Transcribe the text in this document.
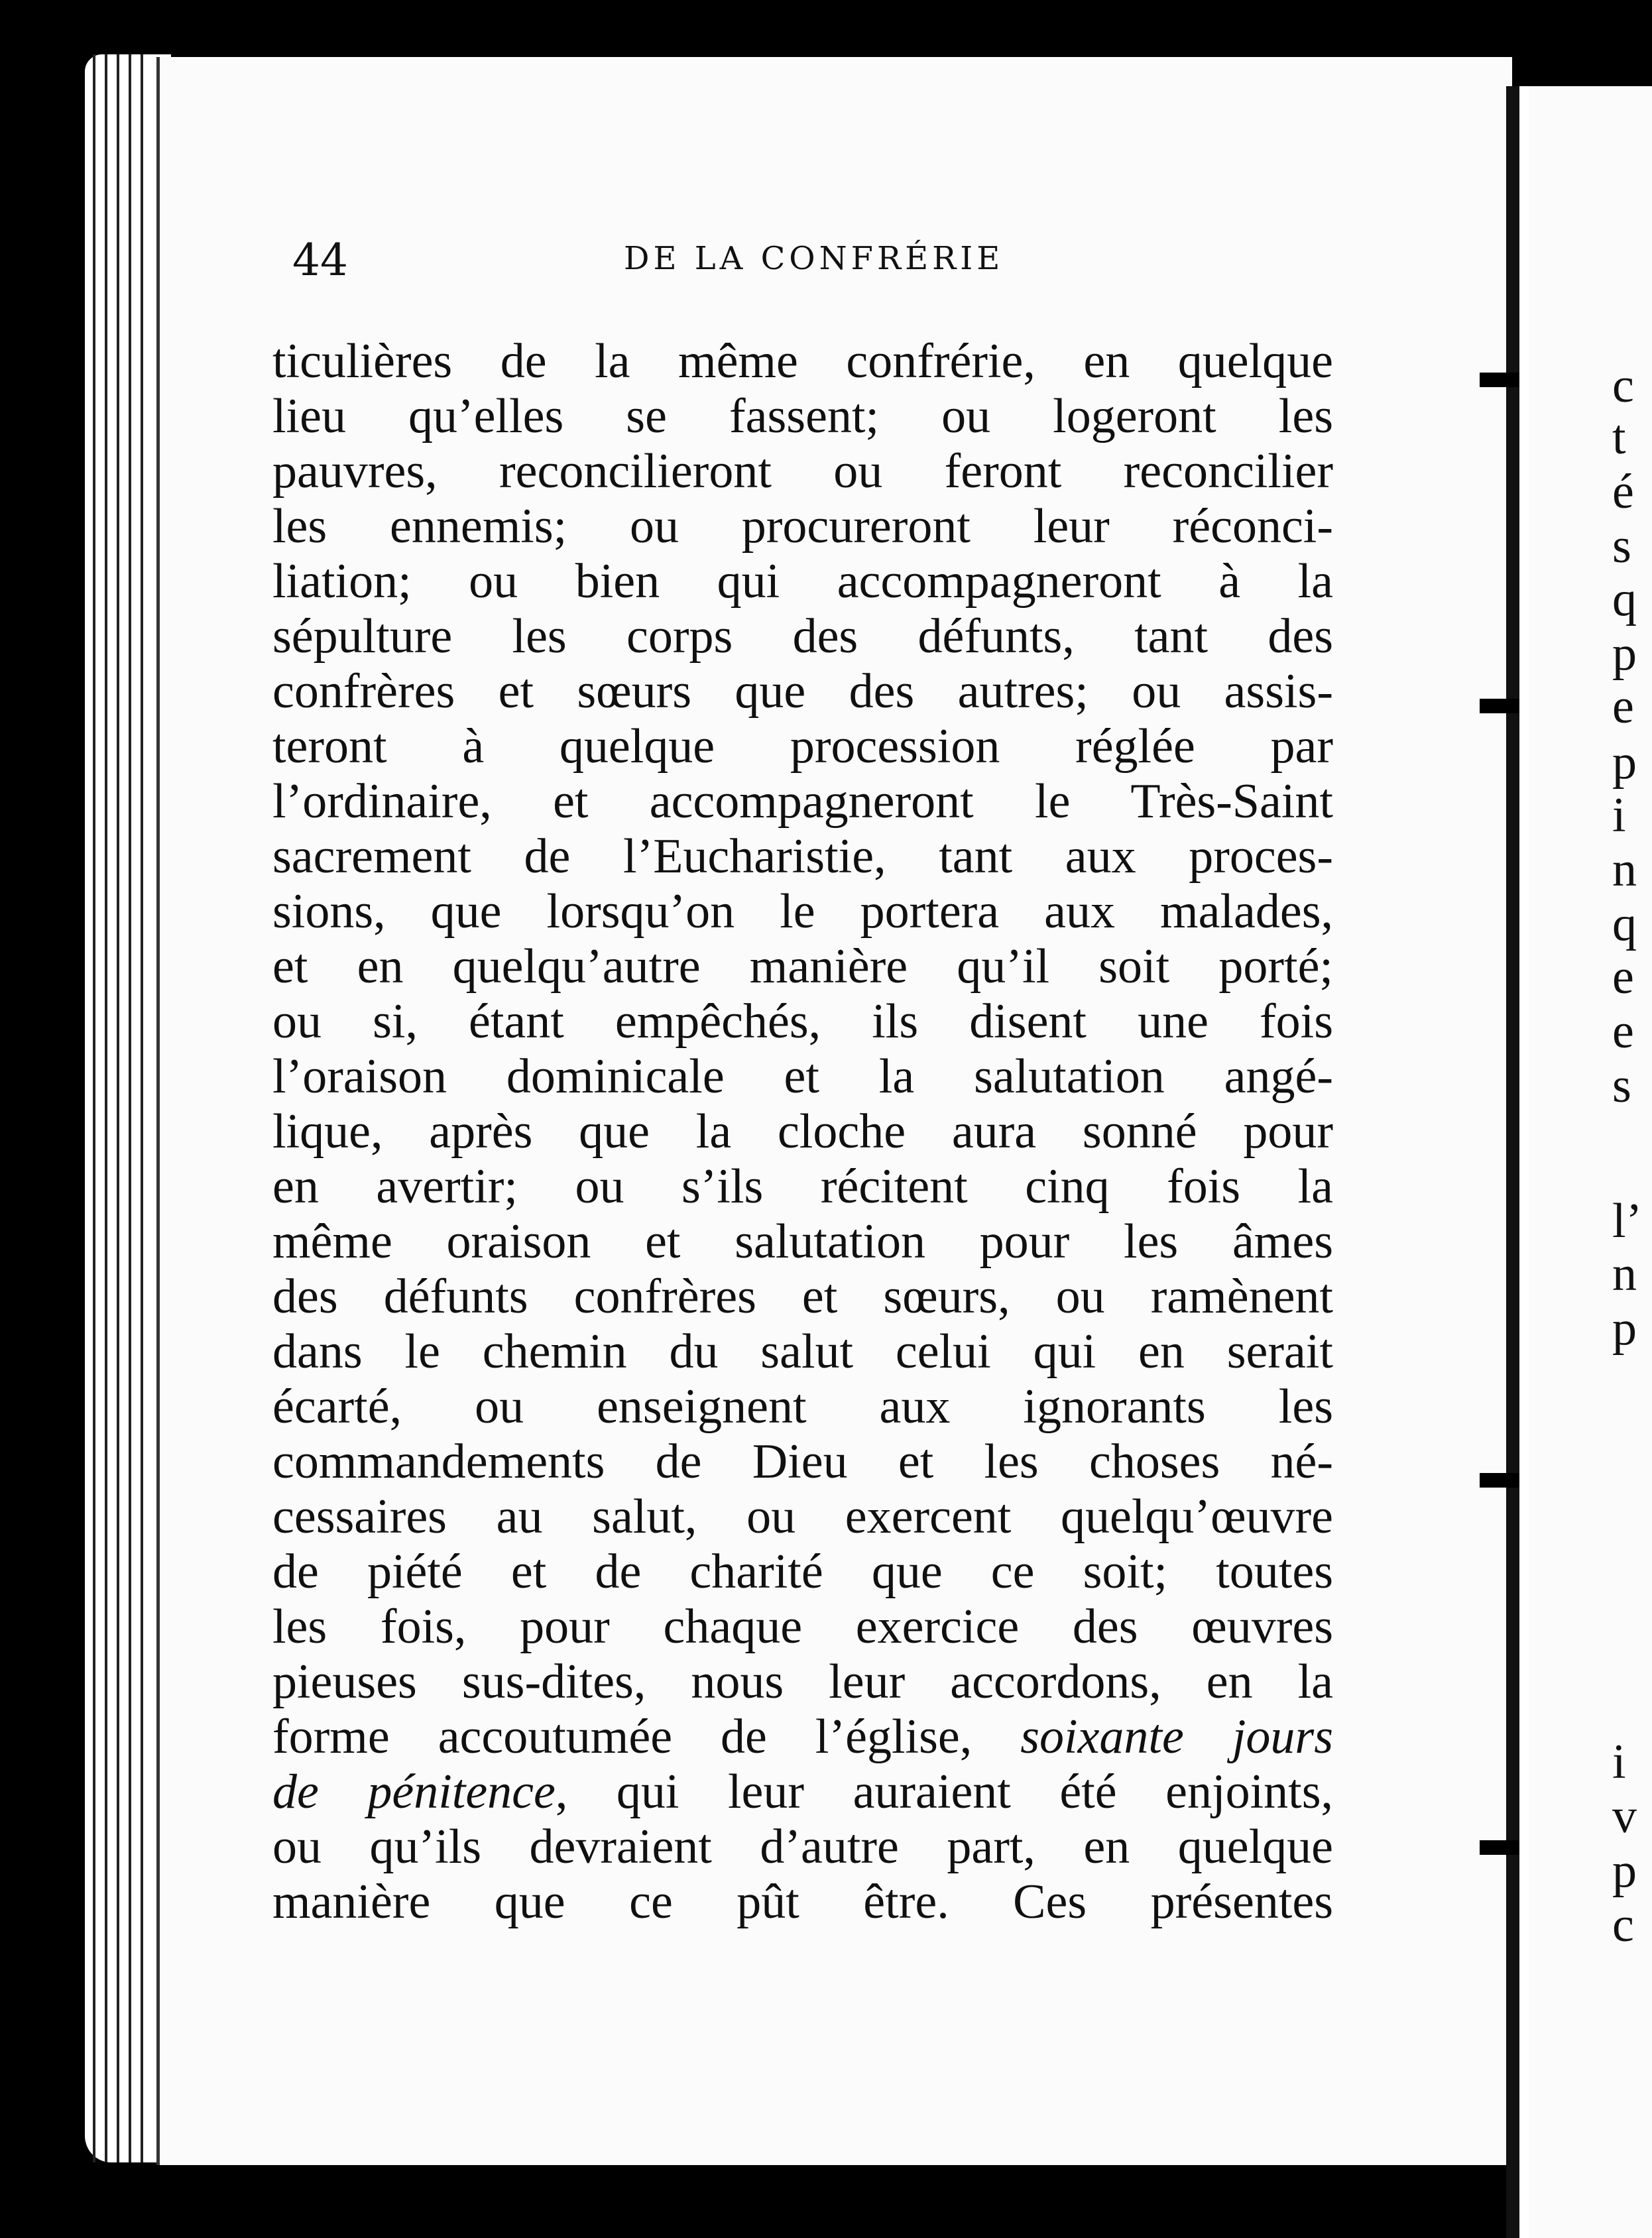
44	DE LA CONFRÉRIE
ticulières de la même confrérie, en quelque
lieu qu’elles se fassent; ou logeront les
pauvres, reconcilieront ou feront reconcilier
les ennemis; ou procureront leur réconci-
liation; ou bien qui accompagneront à la
sépulture les corps des défunts, tant des
confrères et sœurs que des autres; ou assis-
teront à quelque procession réglée par
l’ordinaire, et accompagneront le Très-Saint
sacrement de l’Eucharistie, tant aux proces-
sions, que lorsqu’on le portera aux malades,
et en quelqu’autre manière qu’il soit porté;
ou si, étant empêchés, ils disent une fois
l’oraison dominicale et la salutation angé-
lique, après que la cloche aura sonné pour
en avertir; ou s’ils récitent cinq fois la
même oraison et salutation pour les âmes
des défunts confrères et sœurs, ou ramènent
dans le chemin du salut celui qui en serait
écarté, ou enseignent aux ignorants les
commandements de Dieu et les choses né-
cessaires au salut, ou exercent quelqu’œuvre
de piété et de charité que ce soit; toutes
les fois, pour chaque exercice des œuvres
pieuses sus-dites, nous leur accordons, en la
forme accoutumée de l’église, soixante jours
de pénitence, qui leur auraient été enjoints,
ou qu’ils devraient d’autre part, en quelque
manière que ce pût être. Ces présentes
c
t
é
s
q
p
e
p
i
n
q
e
e
s
l’
n
p
i
v
p
c
